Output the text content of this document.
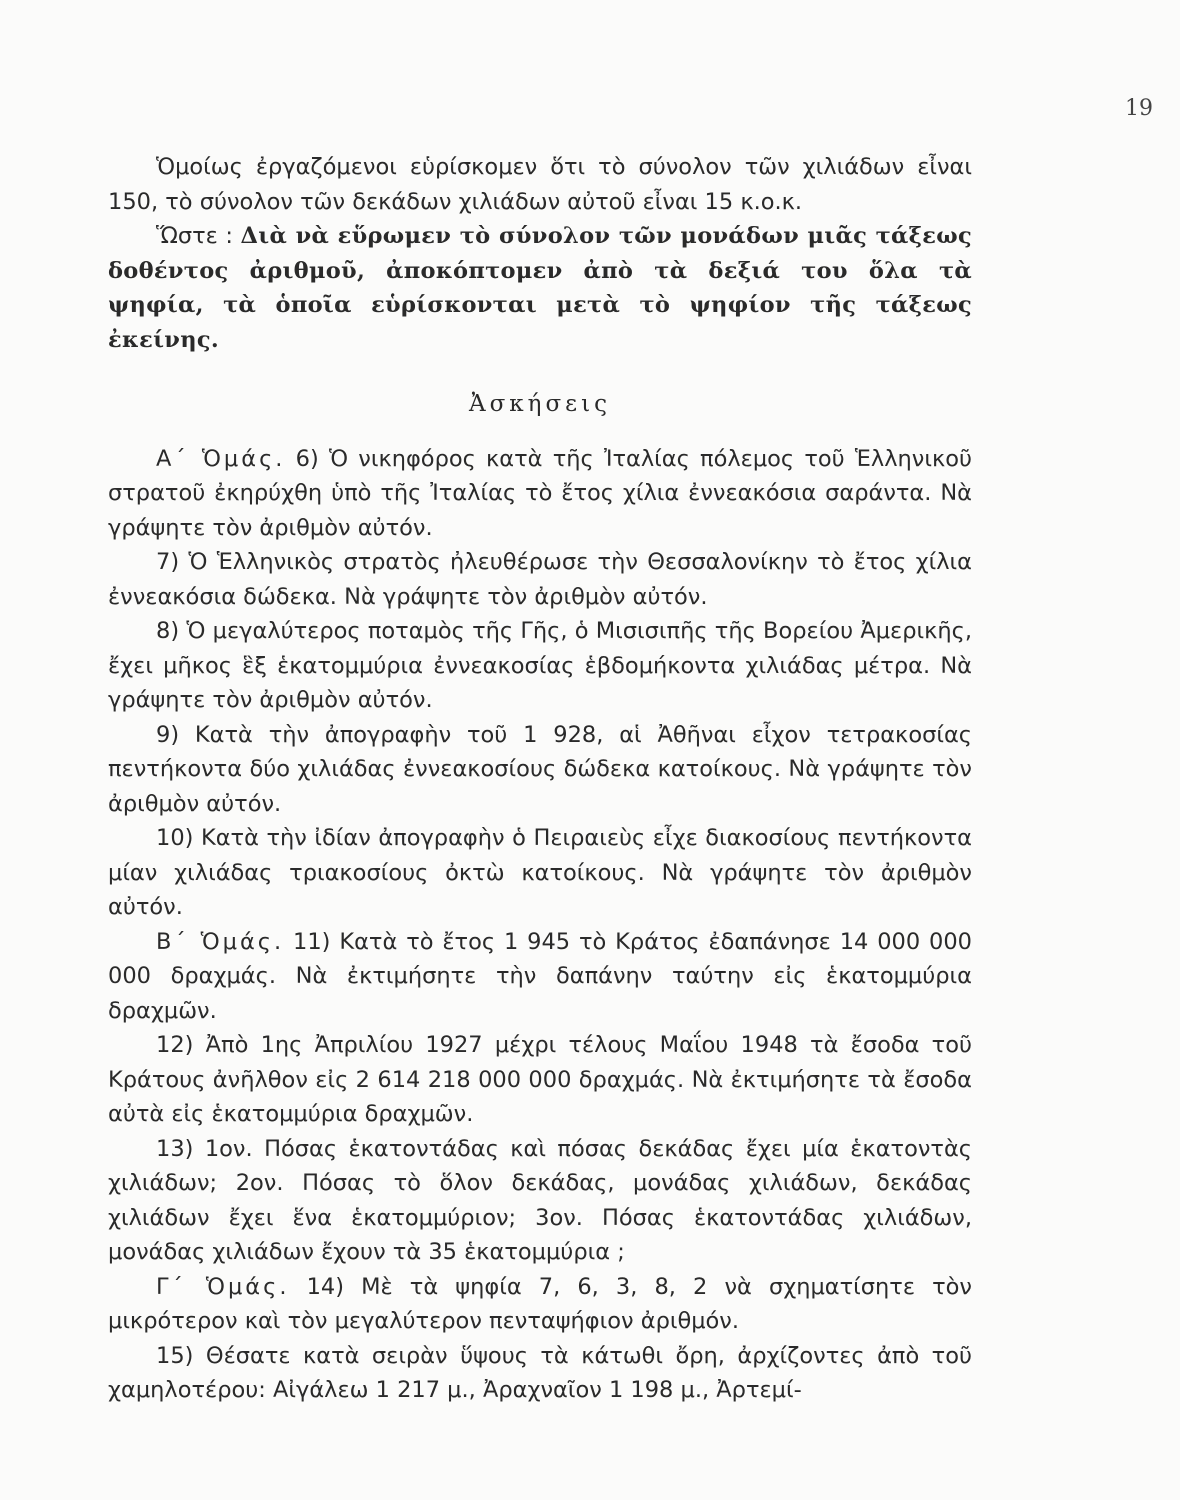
19

Ὁμοίως ἐργαζόμενοι εὑρίσκομεν ὅτι τὸ σύνολον τῶν χιλιάδων εἶναι 150, τὸ σύνολον τῶν δεκάδων χιλιάδων αὐτοῦ εἶναι 15 κ.ο.κ.

Ὥστε : Διὰ νὰ εὕρωμεν τὸ σύνολον τῶν μονάδων μιᾶς τάξεως δοθέντος ἀριθμοῦ, ἀποκόπτομεν ἀπὸ τὰ δεξιά του ὅλα τὰ ψηφία, τὰ ὁποῖα εὑρίσκονται μετὰ τὸ ψηφίον τῆς τάξεως ἐκείνης.

Ἀσκήσεις

Α΄ Ὁμάς. 6) Ὁ νικηφόρος κατὰ τῆς Ἰταλίας πόλεμος τοῦ Ἑλληνικοῦ στρατοῦ ἐκηρύχθη ὑπὸ τῆς Ἰταλίας τὸ ἔτος χίλια ἐννεακόσια σαράντα. Νὰ γράψητε τὸν ἀριθμὸν αὐτόν.

7) Ὁ Ἑλληνικὸς στρατὸς ἠλευθέρωσε τὴν Θεσσαλονίκην τὸ ἔτος χίλια ἐννεακόσια δώδεκα. Νὰ γράψητε τὸν ἀριθμὸν αὐτόν.

8) Ὁ μεγαλύτερος ποταμὸς τῆς Γῆς, ὁ Μισισιπῆς τῆς Βορείου Ἀμερικῆς, ἔχει μῆκος ἓξ ἑκατομμύρια ἐννεακοσίας ἑβδομήκοντα χιλιάδας μέτρα. Νὰ γράψητε τὸν ἀριθμὸν αὐτόν.

9) Κατὰ τὴν ἀπογραφὴν τοῦ 1 928, αἱ Ἀθῆναι εἶχον τετρακοσίας πεντήκοντα δύο χιλιάδας ἐννεακοσίους δώδεκα κατοίκους. Νὰ γράψητε τὸν ἀριθμὸν αὐτόν.

10) Κατὰ τὴν ἰδίαν ἀπογραφὴν ὁ Πειραιεὺς εἶχε διακοσίους πεντήκοντα μίαν χιλιάδας τριακοσίους ὀκτὼ κατοίκους. Νὰ γράψητε τὸν ἀριθμὸν αὐτόν.

Β΄ Ὁμάς. 11) Κατὰ τὸ ἔτος 1 945 τὸ Κράτος ἐδαπάνησε 14 000 000 000 δραχμάς. Νὰ ἐκτιμήσητε τὴν δαπάνην ταύτην εἰς ἑκατομμύρια δραχμῶν.

12) Ἀπὸ 1ης Ἀπριλίου 1927 μέχρι τέλους Μαΐου 1948 τὰ ἔσοδα τοῦ Κράτους ἀνῆλθον εἰς 2 614 218 000 000 δραχμάς. Νὰ ἐκτιμήσητε τὰ ἔσοδα αὐτὰ εἰς ἑκατομμύρια δραχμῶν.

13) 1ον. Πόσας ἑκατοντάδας καὶ πόσας δεκάδας ἔχει μία ἑκατοντὰς χιλιάδων; 2ον. Πόσας τὸ ὅλον δεκάδας, μονάδας χιλιάδων, δεκάδας χιλιάδων ἔχει ἕνα ἑκατομμύριον; 3ον. Πόσας ἑκατοντάδας χιλιάδων, μονάδας χιλιάδων ἔχουν τὰ 35 ἑκατομμύρια ;

Γ΄ Ὁμάς. 14) Μὲ τὰ ψηφία 7, 6, 3, 8, 2 νὰ σχηματίσητε τὸν μικρότερον καὶ τὸν μεγαλύτερον πενταψήφιον ἀριθμόν.

15) Θέσατε κατὰ σειρὰν ὕψους τὰ κάτωθι ὄρη, ἀρχίζοντες ἀπὸ τοῦ χαμηλοτέρου: Αἰγάλεω 1 217 μ., Ἀραχναῖον 1 198 μ., Ἀρτεμί-
